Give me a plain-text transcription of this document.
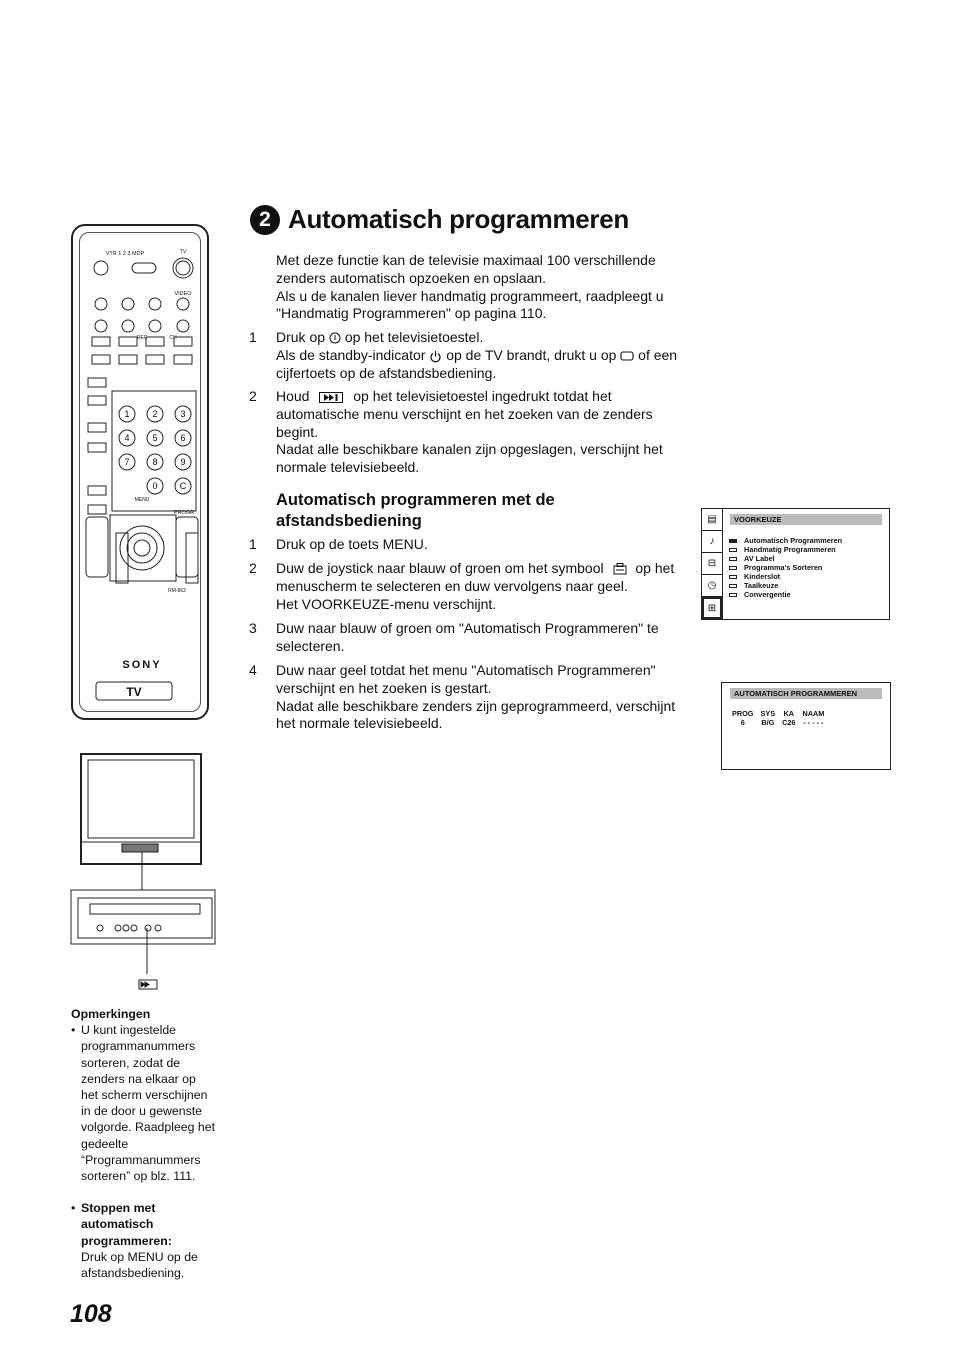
2 Automatisch programmeren

Met deze functie kan de televisie maximaal 100 verschillende zenders automatisch opzoeken en opslaan.

Als u de kanalen liever handmatig programmeert, raadpleegt u "Handmatig Programmeren" op pagina 110.

1 Druk op op het televisietoestel.

Als de standby-indicator op de TV brandt, drukt u op of een cijfertoets op de afstandsbediening.

2 Houd	op het televisietoestel ingedrukt totdat het automatische menu verschijnt en het zoeken van de zenders begint.

Nadat alle beschikbare kanalen zijn opgeslagen, verschijnt het normale televisiebeeld.

Automatisch programmeren met de afstandsbediening
1 Druk op de toets MENU.

2 Duw de joystick naar blauw of groen om het symbool op het menuscherm te selecteren en duw vervolgens naar geel.

Het VOORKEUZE-menu verschijnt.

3 Duw naar blauw of groen om "Automatisch Programmeren" te selecteren.

4 Duw naar geel totdat het menu "Automatisch Programmeren" verschijnt en het zoeken is gestart.

Nadat alle beschikbare zenders zijn geprogrammeerd, verschijnt het normale televisiebeeld.

1	2	3
4	5	6
7	8	9
0 C
VTR 1 2 3 MDP	TV
VIDEO
REC	CH
MENU
PROGR
RM-862
SONY
TV
▤
♪
⊟
◷
⊞
VOORKEUZE
Automatisch Programmeren
Handmatig Programmeren
AV Label
Programma's Sorteren
Kinderslot
Taalkeuze
Convergentie
AUTOMATISCH PROGRAMMEREN
PROG	SYS	KA	NAAM
6	B/G	C26	- - - - -
Opmerkingen
• U kunt ingestelde programmanummers sorteren, zodat de zenders na elkaar op het scherm verschijnen in de door u gewenste volgorde. Raadpleeg het gedeelte “Programmanummers sorteren” op blz. 111.
• Stoppen met automatisch programmeren:
Druk op MENU op de afstandsbediening.
108
